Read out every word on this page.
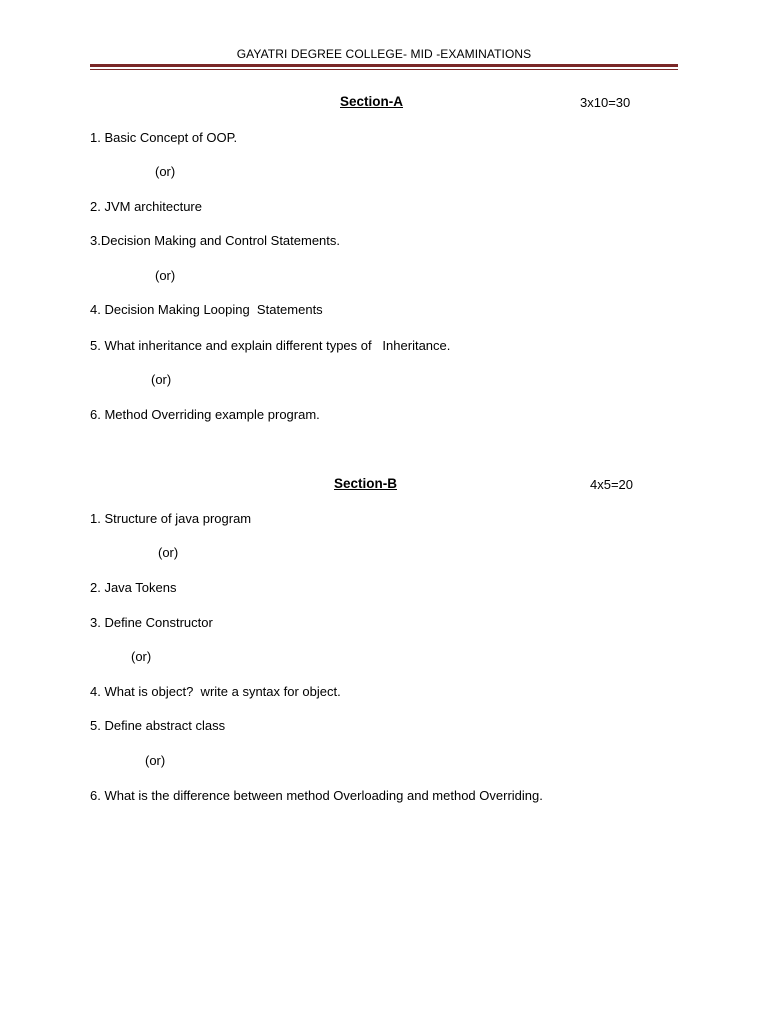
GAYATRI DEGREE COLLEGE- MID -EXAMINATIONS
Section-A	3x10=30
1. Basic Concept of OOP.
(or)
2. JVM architecture
3.Decision Making and Control Statements.
(or)
4. Decision Making Looping  Statements
5. What inheritance and explain different types of   Inheritance.
(or)
6. Method Overriding example program.
Section-B	4x5=20
1. Structure of java program
(or)
2. Java Tokens
3. Define Constructor
(or)
4. What is object?  write a syntax for object.
5. Define abstract class
(or)
6. What is the difference between method Overloading and method Overriding.
